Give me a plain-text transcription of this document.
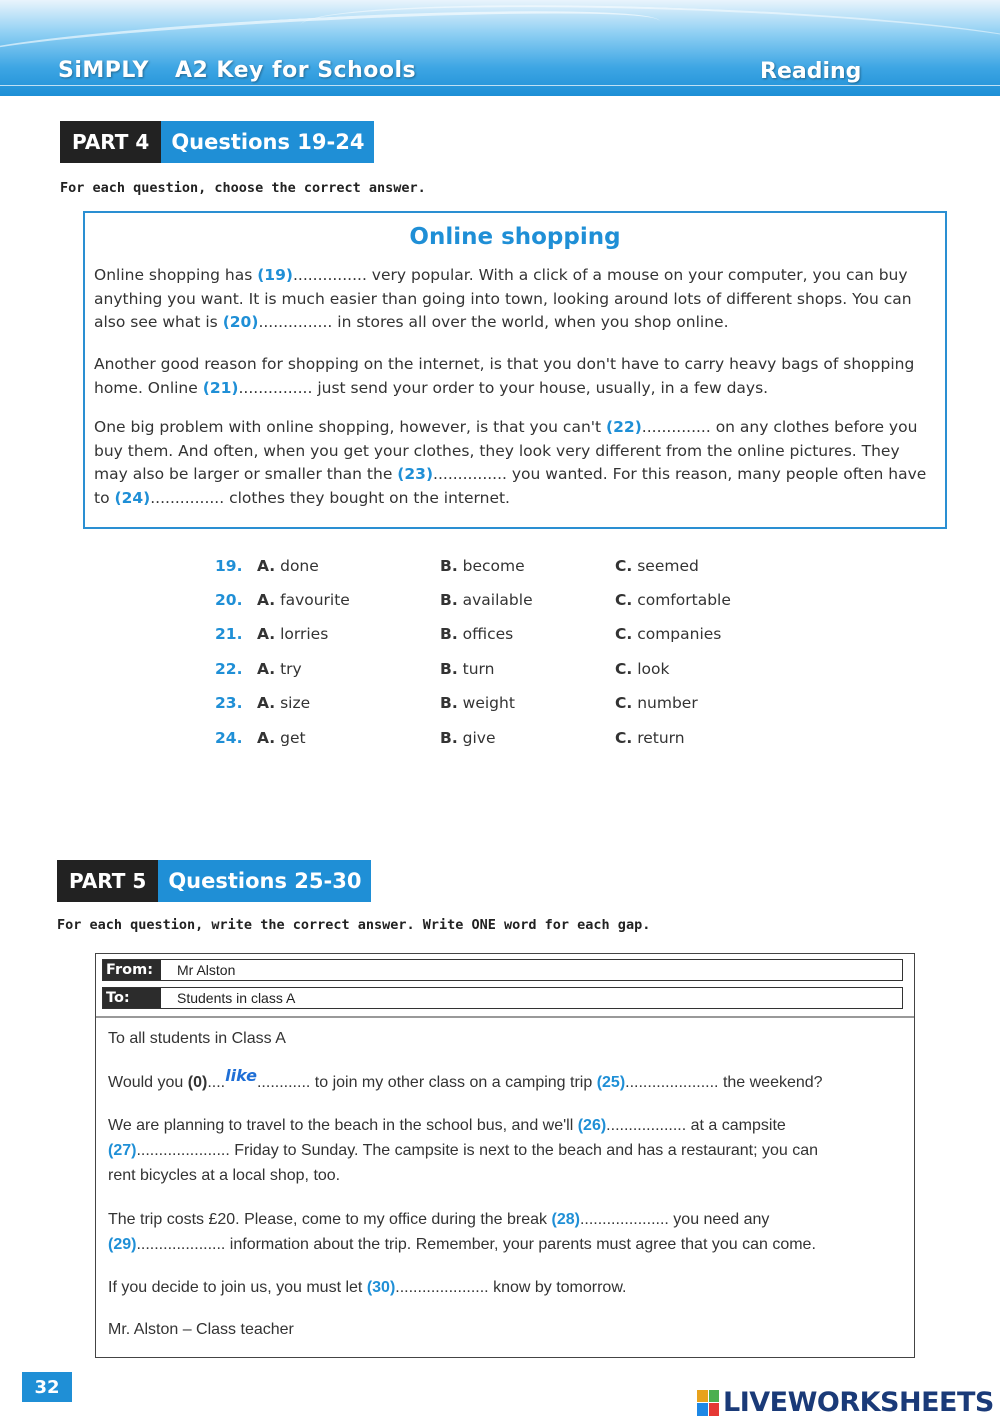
SiMPLY A2 Key for Schools	Reading
PART 4	Questions 19-24
For each question, choose the correct answer.
Online shopping
Online shopping has (19)............... very popular. With a click of a mouse on your computer, you can buy
anything you want. It is much easier than going into town, looking around lots of different shops. You can
also see what is (20)............... in stores all over the world, when you shop online.
Another good reason for shopping on the internet, is that you don't have to carry heavy bags of shopping
home. Online (21)............... just send your order to your house, usually, in a few days.
One big problem with online shopping, however, is that you can't (22).............. on any clothes before you
buy them. And often, when you get your clothes, they look very different from the online pictures. They
may also be larger or smaller than the (23)............... you wanted. For this reason, many people often have
to (24)............... clothes they bought on the internet.
19. A. done	B. become	C. seemed
20. A. favourite	B. available	C. comfortable
21. A. lorries	B. offices	C. companies
22. A. try	B. turn	C. look
23. A. size	B. weight	C. number
24. A. get	B. give	C. return
PART 5	Questions 25-30
For each question, write the correct answer. Write ONE word for each gap.
From:	Mr Alston
To:	Students in class A
To all students in Class A
Would you (0)....like............ to join my other class on a camping trip (25)..................... the weekend?
We are planning to travel to the beach in the school bus, and we'll (26).................. at a campsite
(27)..................... Friday to Sunday. The campsite is next to the beach and has a restaurant; you can
rent bicycles at a local shop, too.
The trip costs £20. Please, come to my office during the break (28).................... you need any
(29).................... information about the trip. Remember, your parents must agree that you can come.
If you decide to join us, you must let (30)..................... know by tomorrow.
Mr. Alston – Class teacher
32	LIVEWORKSHEETS
